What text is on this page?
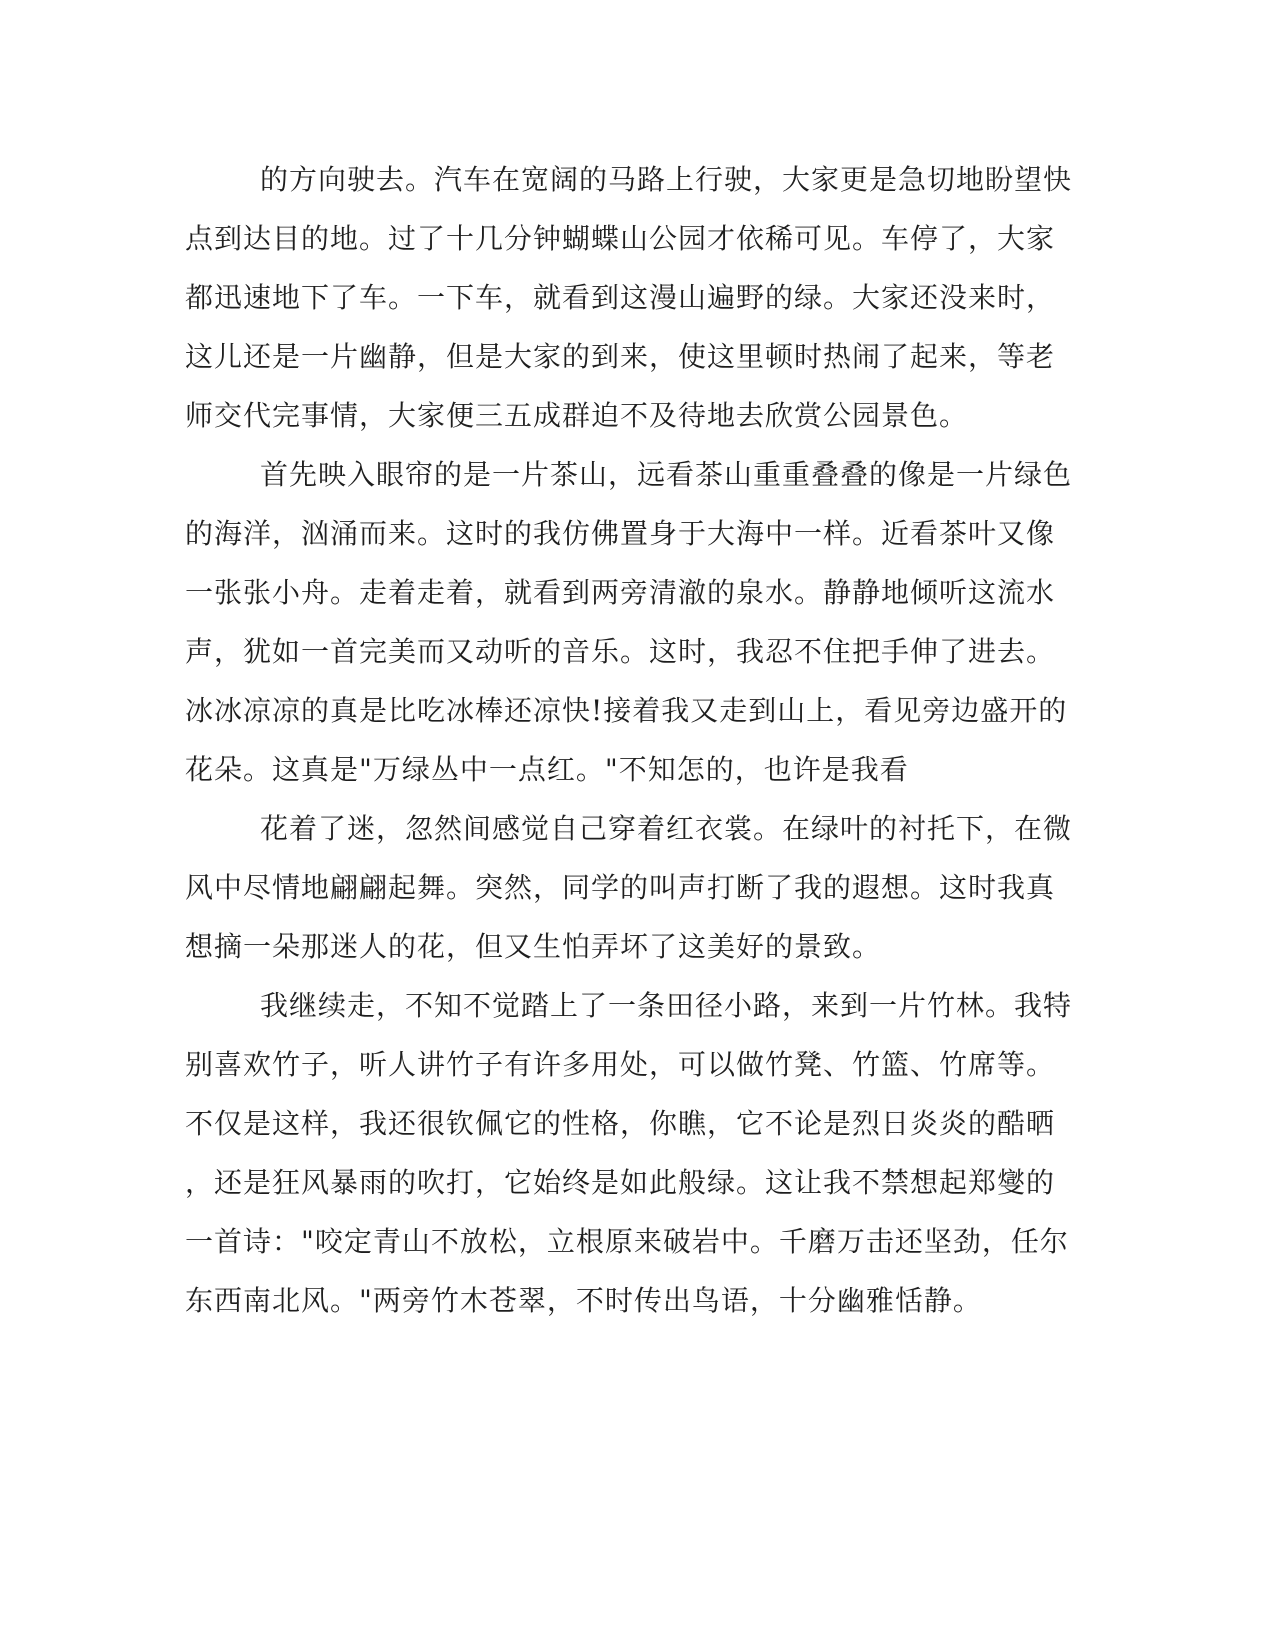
的方向驶去。汽车在宽阔的马路上行驶，大家更是急切地盼望快
点到达目的地。过了十几分钟蝴蝶山公园才依稀可见。车停了，大家
都迅速地下了车。一下车，就看到这漫山遍野的绿。大家还没来时，
这儿还是一片幽静，但是大家的到来，使这里顿时热闹了起来，等老
师交代完事情，大家便三五成群迫不及待地去欣赏公园景色。
首先映入眼帘的是一片茶山，远看茶山重重叠叠的像是一片绿色
的海洋，汹涌而来。这时的我仿佛置身于大海中一样。近看茶叶又像
一张张小舟。走着走着，就看到两旁清澈的泉水。静静地倾听这流水
声，犹如一首完美而又动听的音乐。这时，我忍不住把手伸了进去。
冰冰凉凉的真是比吃冰棒还凉快!接着我又走到山上，看见旁边盛开的
花朵。这真是"万绿丛中一点红。"不知怎的，也许是我看
花着了迷，忽然间感觉自己穿着红衣裳。在绿叶的衬托下，在微
风中尽情地翩翩起舞。突然，同学的叫声打断了我的遐想。这时我真
想摘一朵那迷人的花，但又生怕弄坏了这美好的景致。
我继续走，不知不觉踏上了一条田径小路，来到一片竹林。我特
别喜欢竹子，听人讲竹子有许多用处，可以做竹凳、竹篮、竹席等。
不仅是这样，我还很钦佩它的性格，你瞧，它不论是烈日炎炎的酷晒
，还是狂风暴雨的吹打，它始终是如此般绿。这让我不禁想起郑燮的
一首诗："咬定青山不放松，立根原来破岩中。千磨万击还坚劲，任尔
东西南北风。"两旁竹木苍翠，不时传出鸟语，十分幽雅恬静。
